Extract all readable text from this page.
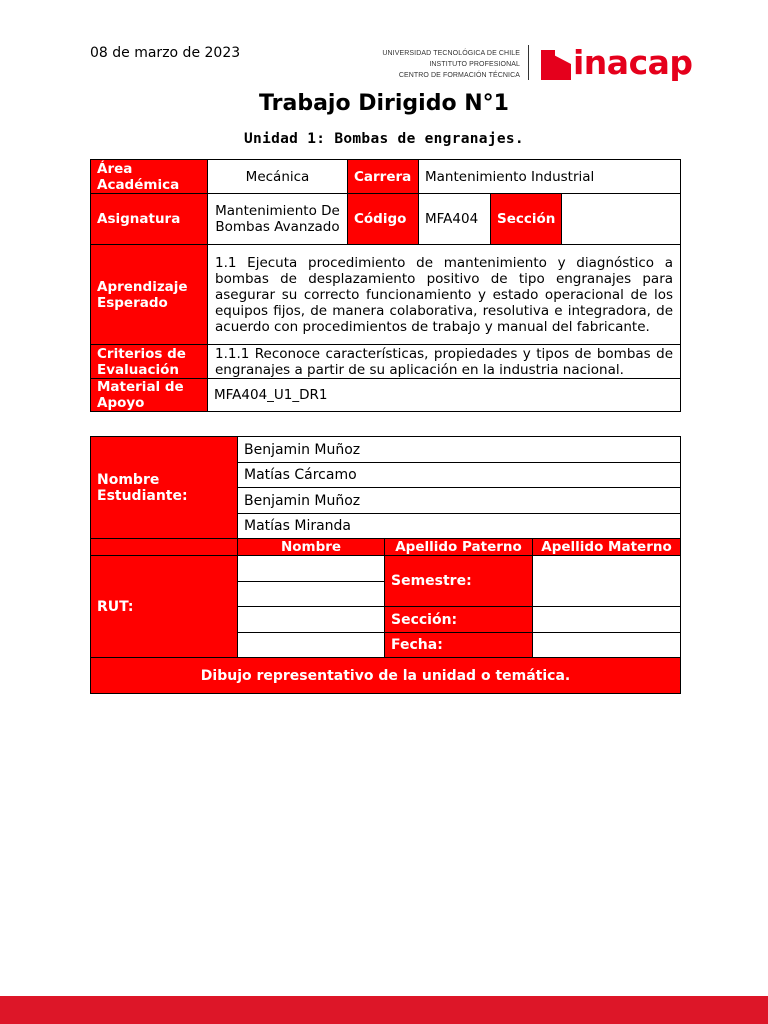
08 de marzo de 2023	UNIVERSIDAD TECNOLÓGICA DE CHILE
INSTITUTO PROFESIONAL
CENTRO DE FORMACIÓN TÉCNICA inacap
Trabajo Dirigido N°1
Unidad 1: Bombas de engranajes.
Área Académica	Mecánica	Carrera	Mantenimiento Industrial		
Asignatura	Mantenimiento De Bombas Avanzado	Código	MFA404	Sección	
Aprendizaje Esperado	1.1 Ejecuta procedimiento de mantenimiento y diagnóstico a bombas de desplazamiento positivo de tipo engranajes para asegurar su correcto funcionamiento y estado operacional de los equipos fijos, de manera colaborativa, resolutiva e integradora, de acuerdo con procedimientos de trabajo y manual del fabricante.				
Criterios de Evaluación	1.1.1 Reconoce características, propiedades y tipos de bombas de engranajes a partir de su aplicación en la industria nacional.				
Material de Apoyo	MFA404_U1_DR1				
Nombre Estudiante:	Benjamin Muñoz		
	Matías Cárcamo		
	Benjamin Muñoz		
	Matías Miranda		
	Nombre	Apellido Paterno	Apellido Materno
RUT:		Semestre:	

		Sección:	
		Fecha:	
Dibujo representativo de la unidad o temática.			
